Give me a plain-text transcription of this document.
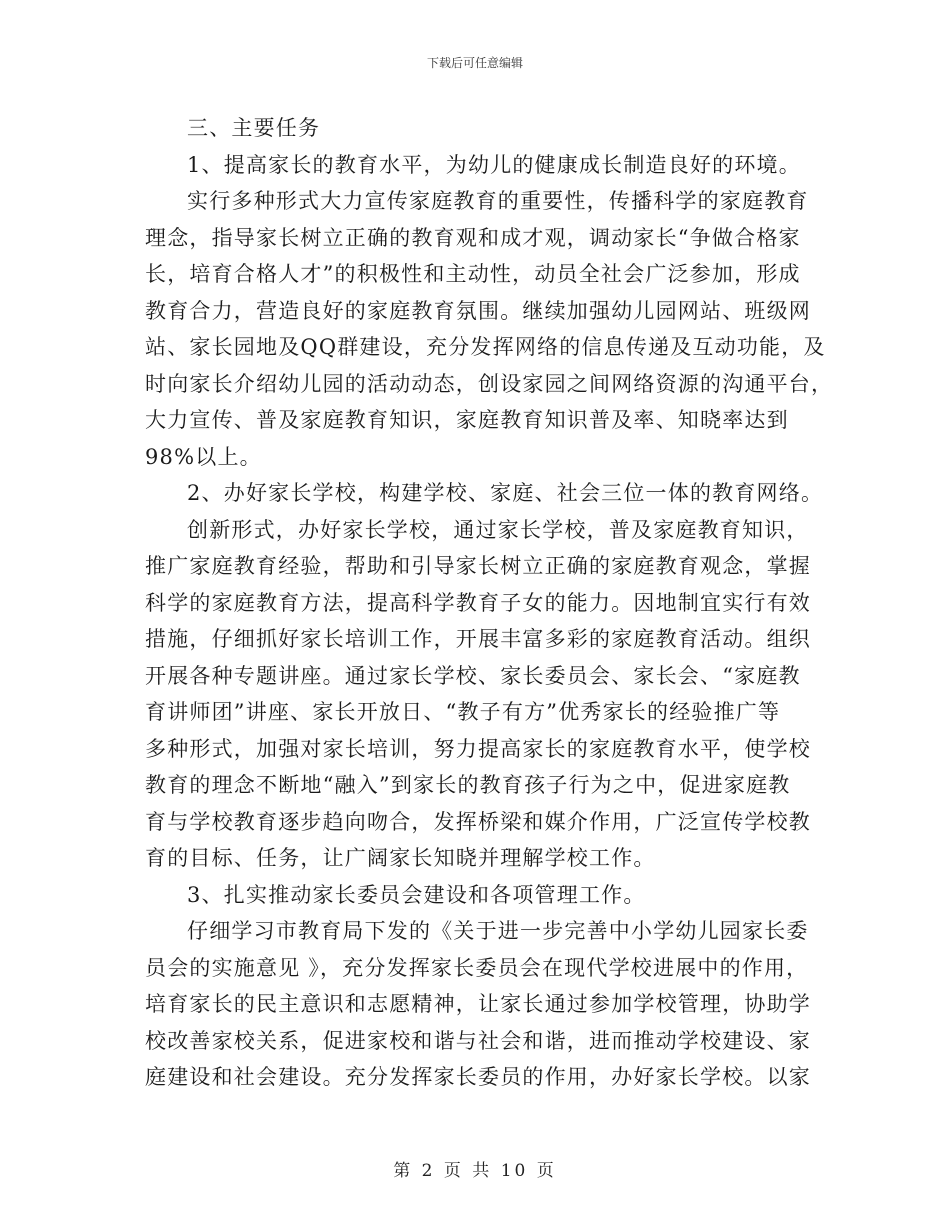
下载后可任意编辑
三、主要任务
1、提高家长的教育水平，为幼儿的健康成长制造良好的环境。
实行多种形式大力宣传家庭教育的重要性，传播科学的家庭教育
理念，指导家长树立正确的教育观和成才观，调动家长“争做合格家
长，培育合格人才”的积极性和主动性，动员全社会广泛参加，形成
教育合力，营造良好的家庭教育氛围。继续加强幼儿园网站、班级网
站、家长园地及QQ群建设，充分发挥网络的信息传递及互动功能，及
时向家长介绍幼儿园的活动动态，创设家园之间网络资源的沟通平台，
大力宣传、普及家庭教育知识，家庭教育知识普及率、知晓率达到
98%以上。
2、办好家长学校，构建学校、家庭、社会三位一体的教育网络。
创新形式，办好家长学校，通过家长学校，普及家庭教育知识，
推广家庭教育经验，帮助和引导家长树立正确的家庭教育观念，掌握
科学的家庭教育方法，提高科学教育子女的能力。因地制宜实行有效
措施，仔细抓好家长培训工作，开展丰富多彩的家庭教育活动。组织
开展各种专题讲座。通过家长学校、家长委员会、家长会、“家庭教
育讲师团”讲座、家长开放日、“教子有方”优秀家长的经验推广等
多种形式，加强对家长培训，努力提高家长的家庭教育水平，使学校
教育的理念不断地“融入”到家长的教育孩子行为之中，促进家庭教
育与学校教育逐步趋向吻合，发挥桥梁和媒介作用，广泛宣传学校教
育的目标、任务，让广阔家长知晓并理解学校工作。
3、扎实推动家长委员会建设和各项管理工作。
仔细学习市教育局下发的《关于进一步完善中小学幼儿园家长委
员会的实施意见 》，充分发挥家长委员会在现代学校进展中的作用，
培育家长的民主意识和志愿精神，让家长通过参加学校管理，协助学
校改善家校关系，促进家校和谐与社会和谐，进而推动学校建设、家
庭建设和社会建设。充分发挥家长委员的作用，办好家长学校。以家
第 2 页 共 10 页
